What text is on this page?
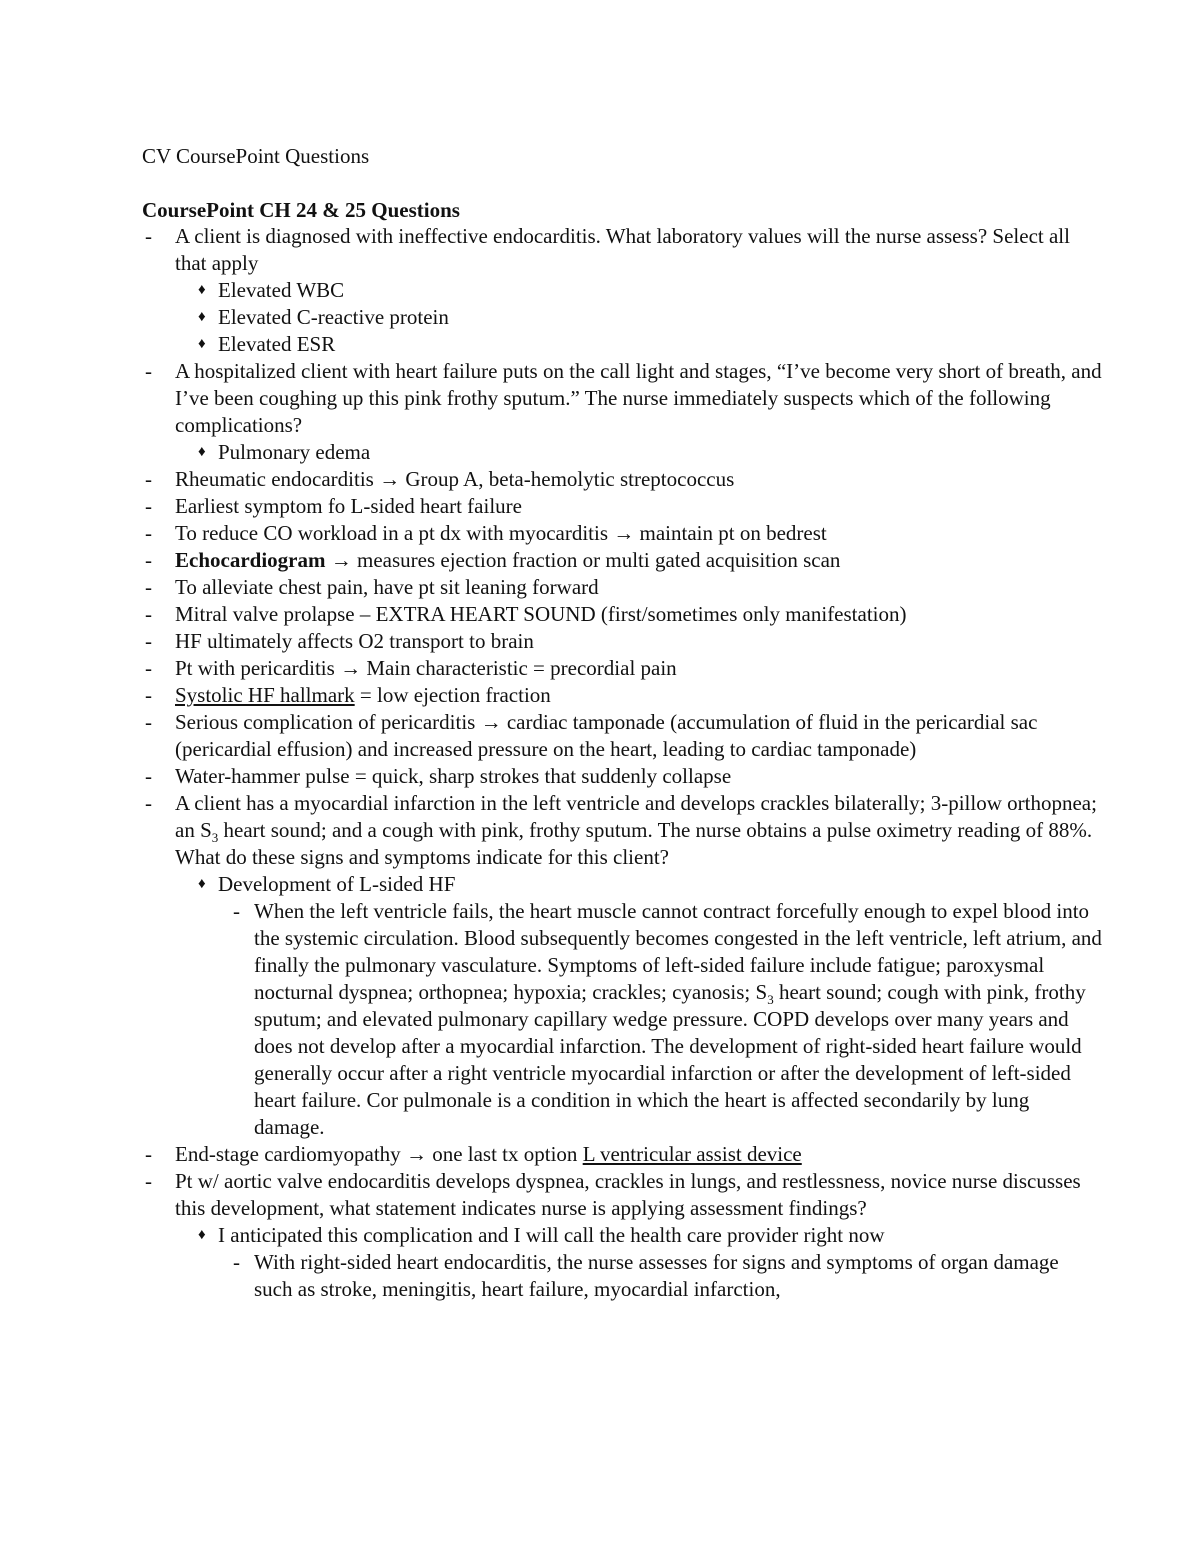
CV CoursePoint Questions
CoursePoint CH 24 & 25 Questions
- A client is diagnosed with ineffective endocarditis. What laboratory values will the nurse assess? Select all that apply
♦ Elevated WBC
♦ Elevated C-reactive protein
♦ Elevated ESR
- A hospitalized client with heart failure puts on the call light and stages, “I’ve become very short of breath, and I’ve been coughing up this pink frothy sputum.” The nurse immediately suspects which of the following complications?
♦ Pulmonary edema
- Rheumatic endocarditis → Group A, beta-hemolytic streptococcus
- Earliest symptom fo L-sided heart failure
- To reduce CO workload in a pt dx with myocarditis → maintain pt on bedrest
- Echocardiogram → measures ejection fraction or multi gated acquisition scan
- To alleviate chest pain, have pt sit leaning forward
- Mitral valve prolapse – EXTRA HEART SOUND (first/sometimes only manifestation)
- HF ultimately affects O2 transport to brain
- Pt with pericarditis → Main characteristic = precordial pain
- Systolic HF hallmark = low ejection fraction
- Serious complication of pericarditis → cardiac tamponade (accumulation of fluid in the pericardial sac (pericardial effusion) and increased pressure on the heart, leading to cardiac tamponade)
- Water-hammer pulse = quick, sharp strokes that suddenly collapse
- A client has a myocardial infarction in the left ventricle and develops crackles bilaterally; 3-pillow orthopnea; an $S_3$ heart sound; and a cough with pink, frothy sputum. The nurse obtains a pulse oximetry reading of 88%. What do these signs and symptoms indicate for this client?
♦ Development of L-sided HF
- When the left ventricle fails, the heart muscle cannot contract forcefully enough to expel blood into the systemic circulation. Blood subsequently becomes congested in the left ventricle, left atrium, and finally the pulmonary vasculature. Symptoms of left-sided failure include fatigue; paroxysmal nocturnal dyspnea; orthopnea; hypoxia; crackles; cyanosis; $S_3$ heart sound; cough with pink, frothy sputum; and elevated pulmonary capillary wedge pressure. COPD develops over many years and does not develop after a myocardial infarction. The development of right-sided heart failure would generally occur after a right ventricle myocardial infarction or after the development of left-sided heart failure. Cor pulmonale is a condition in which the heart is affected secondarily by lung damage.
- End-stage cardiomyopathy → one last tx option L ventricular assist device
- Pt w/ aortic valve endocarditis develops dyspnea, crackles in lungs, and restlessness, novice nurse discusses this development, what statement indicates nurse is applying assessment findings?
♦ I anticipated this complication and I will call the health care provider right now
- With right-sided heart endocarditis, the nurse assesses for signs and symptoms of organ damage such as stroke, meningitis, heart failure, myocardial infarction,
